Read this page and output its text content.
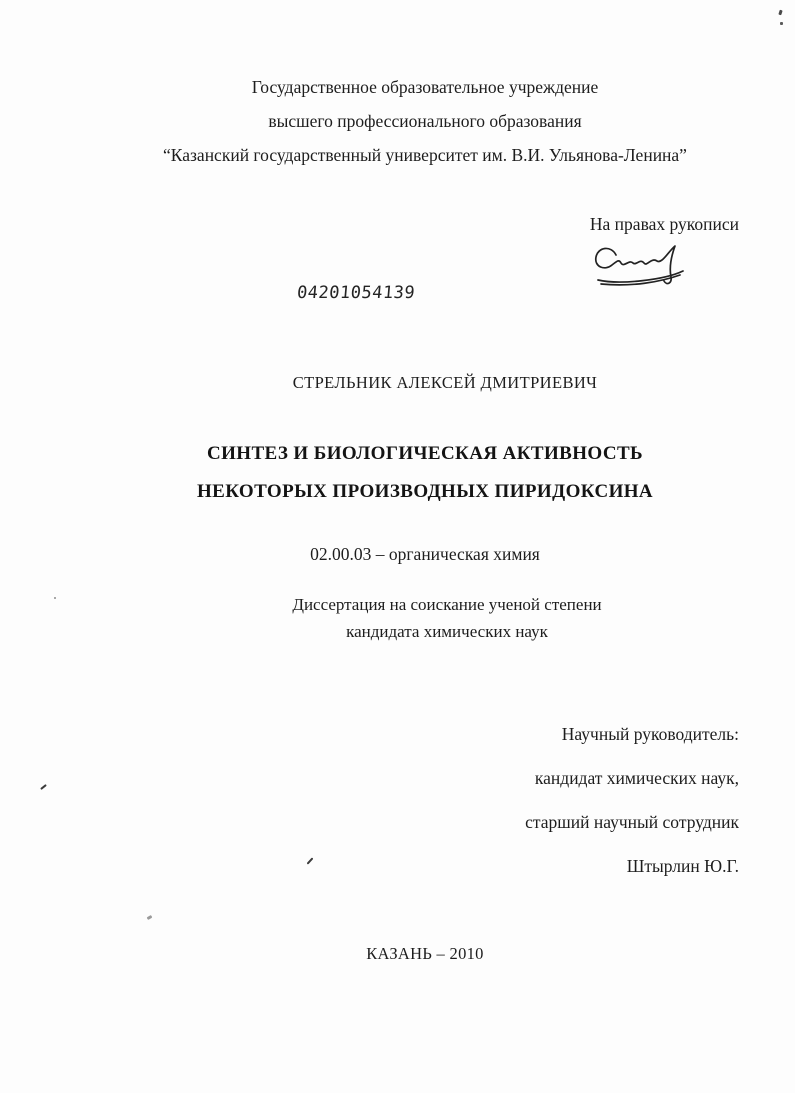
Государственное образовательное учреждение
высшего профессионального образования
“Казанский государственный университет им. В.И. Ульянова-Ленина”
На правах рукописи
04201054139
СТРЕЛЬНИК АЛЕКСЕЙ ДМИТРИЕВИЧ
СИНТЕЗ И БИОЛОГИЧЕСКАЯ АКТИВНОСТЬ
НЕКОТОРЫХ ПРОИЗВОДНЫХ ПИРИДОКСИНА
02.00.03 – органическая химия
Диссертация на соискание ученой степени
кандидата химических наук
Научный руководитель:
кандидат химических наук,
старший научный сотрудник
Штырлин Ю.Г.
КАЗАНЬ – 2010
